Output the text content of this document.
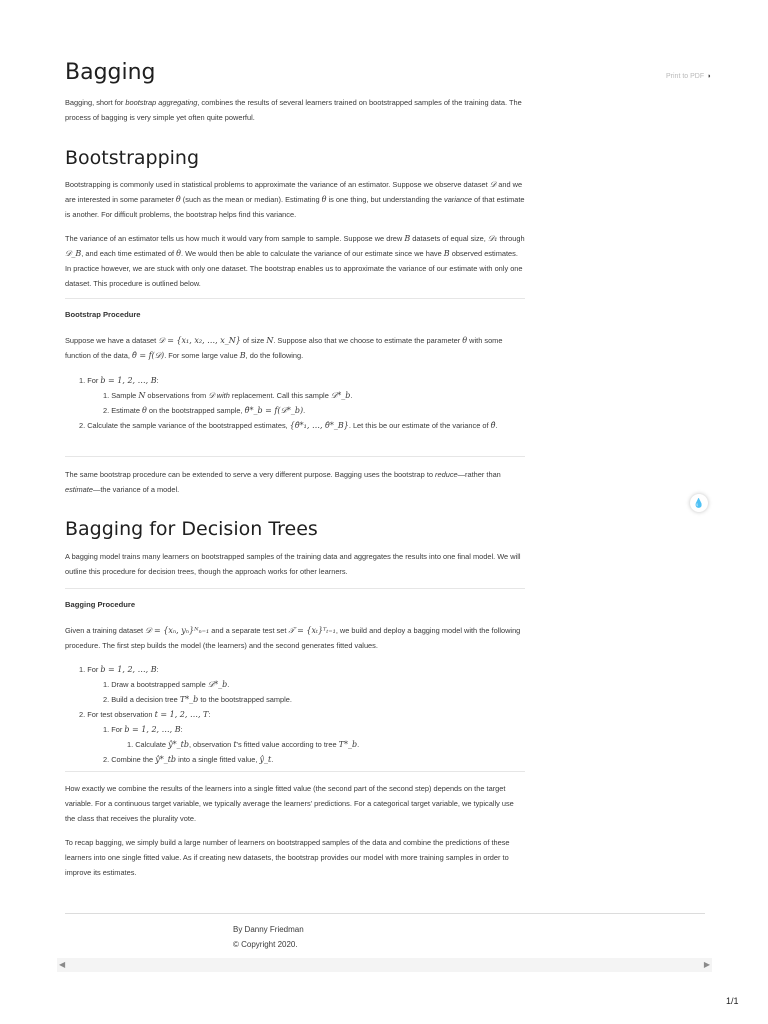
Bagging

Bagging, short for bootstrap aggregating, combines the results of several learners trained on bootstrapped samples of the training data. The process of bagging is very simple yet often quite powerful.

Bootstrapping

Bootstrapping is commonly used in statistical problems to approximate the variance of an estimator. Suppose we observe dataset 𝒟 and we are interested in some parameter θ (such as the mean or median). Estimating θ is one thing, but understanding the variance of that estimate is another. For difficult problems, the bootstrap helps find this variance.

The variance of an estimator tells us how much it would vary from sample to sample. Suppose we drew B datasets of equal size, 𝒟₁ through 𝒟_B, and each time estimated of θ. We would then be able to calculate the variance of our estimate since we have B observed estimates. In practice however, we are stuck with only one dataset. The bootstrap enables us to approximate the variance of our estimate with only one dataset. This procedure is outlined below.

Bootstrap Procedure

Suppose we have a dataset 𝒟 = {x₁, x₂, …, x_N} of size N. Suppose also that we choose to estimate the parameter θ with some function of the data, θ̂ = f(𝒟). For some large value B, do the following.

1. For b = 1, 2, …, B:
1. Sample N observations from 𝒟 with replacement. Call this sample 𝒟*_b.
2. Estimate θ on the bootstrapped sample, θ̂*_b = f(𝒟*_b).
2. Calculate the sample variance of the bootstrapped estimates, {θ̂*₁, …, θ̂*_B}. Let this be our estimate of the variance of θ̂.

The same bootstrap procedure can be extended to serve a very different purpose. Bagging uses the bootstrap to reduce—rather than estimate—the variance of a model.

Bagging for Decision Trees

A bagging model trains many learners on bootstrapped samples of the training data and aggregates the results into one final model. We will outline this procedure for decision trees, though the approach works for other learners.

Bagging Procedure

Given a training dataset 𝒟 = {xₙ, yₙ}ᴺₙ₌₁ and a separate test set 𝒯 = {xₜ}ᵀₜ₌₁, we build and deploy a bagging model with the following procedure. The first step builds the model (the learners) and the second generates fitted values.

1. For b = 1, 2, …, B:
1. Draw a bootstrapped sample 𝒟*_b.
2. Build a decision tree T*_b to the bootstrapped sample.
2. For test observation t = 1, 2, …, T:
1. For b = 1, 2, …, B:
1. Calculate ŷ*_tb, observation t's fitted value according to tree T*_b.
2. Combine the ŷ*_tb into a single fitted value, ŷ_t.

How exactly we combine the results of the learners into a single fitted value (the second part of the second step) depends on the target variable. For a continuous target variable, we typically average the learners' predictions. For a categorical target variable, we typically use the class that receives the plurality vote.

To recap bagging, we simply build a large number of learners on bootstrapped samples of the data and combine the predictions of these learners into one single fitted value. As if creating new datasets, the bootstrap provides our model with more training samples in order to improve its estimates.

Print to PDF ◗
💧
By Danny Friedman
© Copyright 2020.
◀	▶
1/1
